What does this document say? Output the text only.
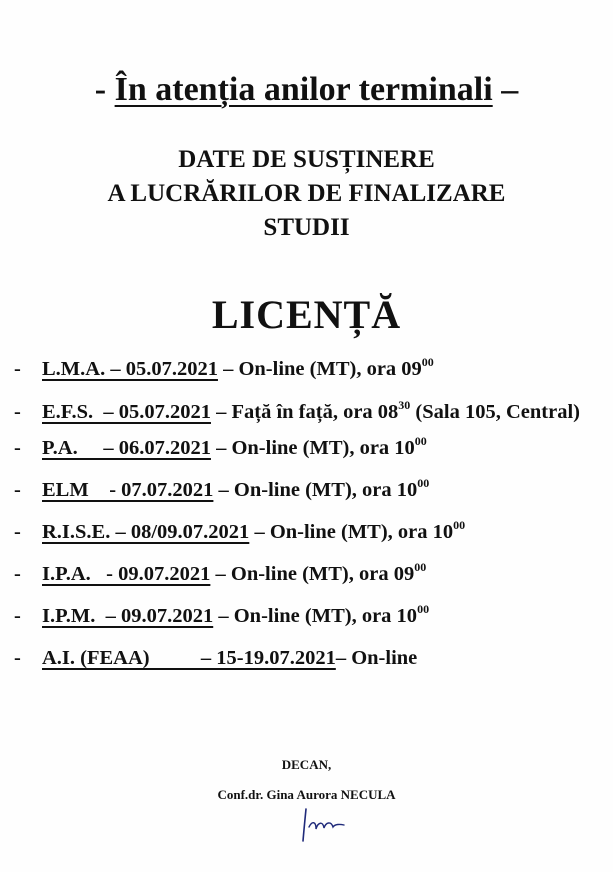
- În atenția anilor terminali –
DATE DE SUSȚINERE
A LUCRĂRILOR DE FINALIZARE
STUDII
LICENȚĂ
- L.M.A. – 05.07.2021 – On-line (MT), ora $09^{00}$
- E.F.S.  – 05.07.2021 – Față în față, ora $08^{30}$ (Sala 105, Central)
- P.A.     – 06.07.2021 – On-line (MT), ora $10^{00}$
- ELM    - 07.07.2021 – On-line (MT), ora $10^{00}$
- R.I.S.E. – 08/09.07.2021 – On-line (MT), ora $10^{00}$
- I.P.A.   - 09.07.2021 – On-line (MT), ora $09^{00}$
- I.P.M.  – 09.07.2021 – On-line (MT), ora $10^{00}$
- A.I. (FEAA)          – 15-19.07.2021– On-line
DECAN,
Conf.dr. Gina Aurora NECULA
